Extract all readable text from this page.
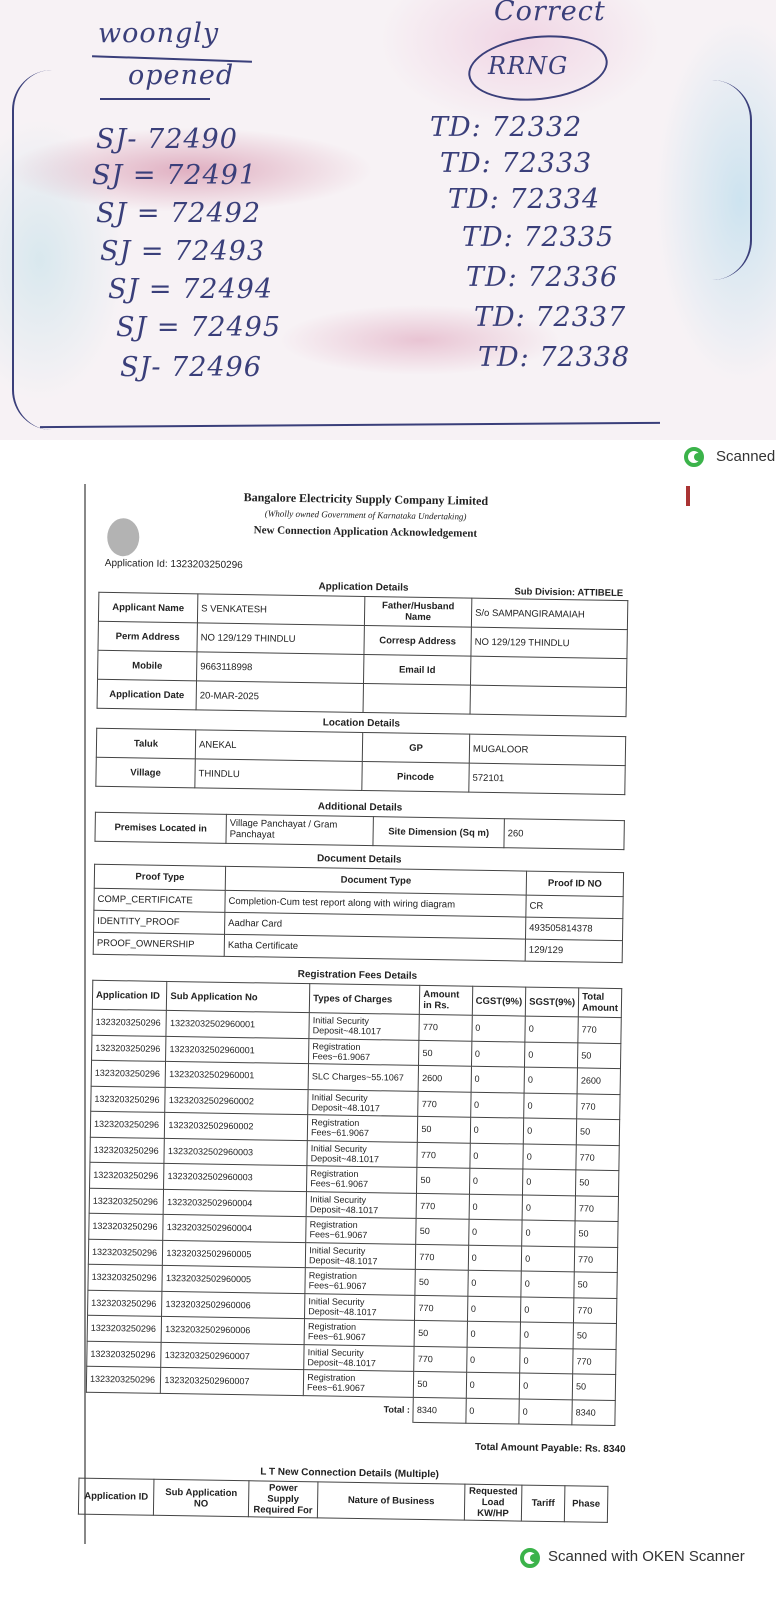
woongly
opened
Correct
RRNG
SJ- 72490
SJ = 72491
SJ = 72492
SJ = 72493
SJ = 72494
SJ = 72495
SJ- 72496
TD: 72332
TD: 72333
TD: 72334
TD: 72335
TD: 72336
TD: 72337
TD: 72338
Scanned
Bangalore Electricity Supply Company Limited
(Wholly owned Government of Karnataka Undertaking)
New Connection Application Acknowledgement
Application Id: 1323203250296
Sub Division: ATTIBELE
Application Details
Applicant Name	S VENKATESH	Father/Husband Name	S/o SAMPANGIRAMAIAH
Perm Address	NO 129/129 THINDLU	Corresp Address	NO 129/129 THINDLU
Mobile	9663118998	Email Id	
Application Date	20-MAR-2025		
Location Details
Taluk	ANEKAL	GP	MUGALOOR
Village	THINDLU	Pincode	572101
Additional Details
Premises Located in	Village Panchayat / Gram Panchayat	Site Dimension (Sq m)	260
Document Details
Proof Type	Document Type	Proof ID NO
COMP_CERTIFICATE	Completion-Cum test report along with wiring diagram	CR
IDENTITY_PROOF	Aadhar Card	493505814378
PROOF_OWNERSHIP	Katha Certificate	129/129
Registration Fees Details
Application ID	Sub Application No	Types of Charges	Amount in Rs.	CGST(9%)	SGST(9%)	Total Amount
1323203250296	13232032502960001	Initial Security Deposit~48.1017	770	0	0	770
1323203250296	13232032502960001	Registration Fees~61.9067	50	0	0	50
1323203250296	13232032502960001	SLC Charges~55.1067	2600	0	0	2600
1323203250296	13232032502960002	Initial Security Deposit~48.1017	770	0	0	770
1323203250296	13232032502960002	Registration Fees~61.9067	50	0	0	50
1323203250296	13232032502960003	Initial Security Deposit~48.1017	770	0	0	770
1323203250296	13232032502960003	Registration Fees~61.9067	50	0	0	50
1323203250296	13232032502960004	Initial Security Deposit~48.1017	770	0	0	770
1323203250296	13232032502960004	Registration Fees~61.9067	50	0	0	50
1323203250296	13232032502960005	Initial Security Deposit~48.1017	770	0	0	770
1323203250296	13232032502960005	Registration Fees~61.9067	50	0	0	50
1323203250296	13232032502960006	Initial Security Deposit~48.1017	770	0	0	770
1323203250296	13232032502960006	Registration Fees~61.9067	50	0	0	50
1323203250296	13232032502960007	Initial Security Deposit~48.1017	770	0	0	770
1323203250296	13232032502960007	Registration Fees~61.9067	50	0	0	50
Total :			8340	0	0	8340
Total Amount Payable: Rs. 8340
L T New Connection Details (Multiple)
Application ID	Sub Application NO	Power Supply Required For	Nature of Business	Requested Load KW/HP	Tariff	Phase
Scanned with OKEN Scanner
